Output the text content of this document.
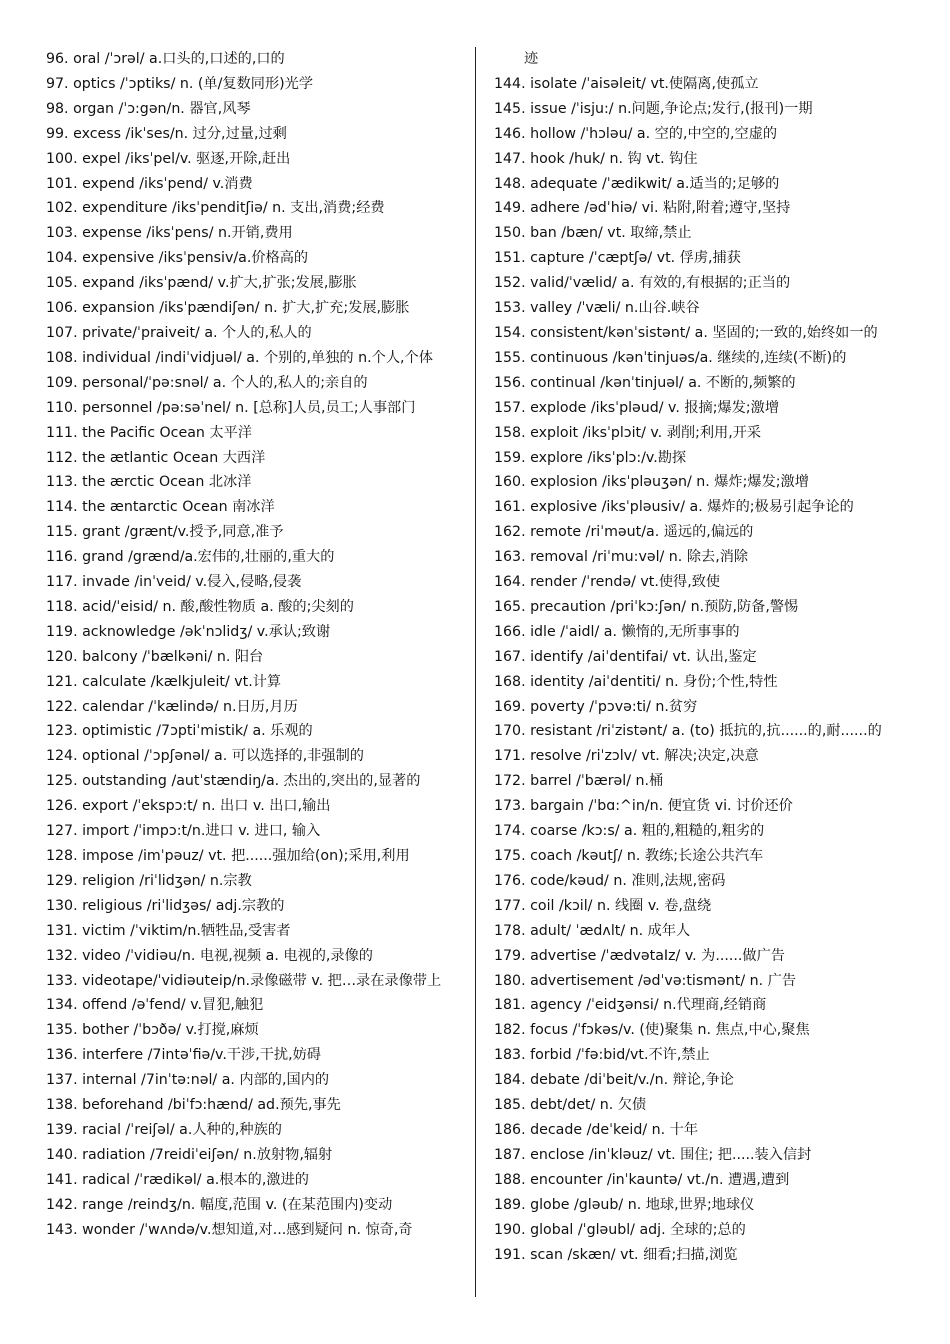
96. oral /ˈɔrəl/ a.口头的,口述的,口的
97. optics /ˈɔptiks/ n. (单/复数同形)光学
98. organ /ˈɔ:gən/n. 器官,风琴
99. excess /ikˈses/n. 过分,过量,过剩
100. expel /iksˈpel/v. 驱逐,开除,赶出
101. expend /iksˈpend/ v.消费
102. expenditure /iksˈpenditʃiə/ n. 支出,消费;经费
103. expense /iksˈpens/ n.开销,费用
104. expensive /iksˈpensiv/a.价格高的
105. expand /iksˈpænd/ v.扩大,扩张;发展,膨胀
106. expansion /iksˈpændiʃən/ n. 扩大,扩充;发展,膨胀
107. private/ˈpraiveit/ a. 个人的,私人的
108. individual /indiˈvidjuəl/ a. 个别的,单独的 n.个人,个体
109. personal/ˈpə:snəl/ a. 个人的,私人的;亲自的
110. personnel /pə:səˈnel/ n. [总称]人员,员工;人事部门
111. the Pacific Ocean 太平洋
112. the ætlantic Ocean 大西洋
113. the ærctic Ocean 北冰洋
114. the æntarctic Ocean 南冰洋
115. grant /grænt/v.授予,同意,准予
116. grand /grænd/a.宏伟的,壮丽的,重大的
117. invade /inˈveid/ v.侵入,侵略,侵袭
118. acid/ˈeisid/ n. 酸,酸性物质 a. 酸的;尖刻的
119. acknowledge /əkˈnɔlidʒ/ v.承认;致谢
120. balcony /ˈbælkəni/ n. 阳台
121. calculate /kælkjuleit/ vt.计算
122. calendar /ˈkælində/ n.日历,月历
123. optimistic /7ɔptiˈmistik/ a. 乐观的
124. optional /ˈɔpʃənəl/ a. 可以选择的,非强制的
125. outstanding /autˈstændiŋ/a. 杰出的,突出的,显著的
126. export /ˈekspɔ:t/ n. 出口 v. 出口,输出
127. import /ˈimpɔ:t/n.进口 v. 进口, 输入
128. impose /imˈpəuz/ vt. 把......强加给(on);采用,利用
129. religion /riˈlidʒən/ n.宗教
130. religious /riˈlidʒəs/ adj.宗教的
131. victim /ˈviktim/n.牺牲品,受害者
132. video /ˈvidiəu/n. 电视,视频 a. 电视的,录像的
133. videotape/ˈvidiəuteip/n.录像磁带 v. 把…录在录像带上
134. offend /əˈfend/ v.冒犯,触犯
135. bother /ˈbɔðə/ v.打搅,麻烦
136. interfere /7intəˈfiə/v.干涉,干扰,妨碍
137. internal /7inˈtə:nəl/ a. 内部的,国内的
138. beforehand /biˈfɔ:hænd/ ad.预先,事先
139. racial /ˈreiʃəl/ a.人种的,种族的
140. radiation /7reidiˈeiʃən/ n.放射物,辐射
141. radical /ˈrædikəl/ a.根本的,激进的
142. range /reindʒ/n. 幅度,范围 v. (在某范围内)变动
143. wonder /ˈwʌndə/v.想知道,对...感到疑问 n. 惊奇,奇
迹
144. isolate /ˈaisəleit/ vt.使隔离,使孤立
145. issue /ˈisju:/ n.问题,争论点;发行,(报刊)一期
146. hollow /ˈhɔləu/ a. 空的,中空的,空虚的
147. hook /huk/ n. 钩 vt. 钩住
148. adequate /ˈædikwit/ a.适当的;足够的
149. adhere /ədˈhiə/ vi. 粘附,附着;遵守,坚持
150. ban /bæn/ vt. 取缔,禁止
151. capture /ˈcæptʃə/ vt. 俘虏,捕获
152. valid/ˈvælid/ a. 有效的,有根据的;正当的
153. valley /ˈvæli/ n.山谷.峡谷
154. consistent/kənˈsistənt/ a. 坚固的;一致的,始终如一的
155. continuous /kənˈtinjuəs/a. 继续的,连续(不断)的
156. continual /kənˈtinjuəl/ a. 不断的,频繁的
157. explode /iksˈpləud/ v. 报摘;爆发;激增
158. exploit /iksˈplɔit/ v. 剥削;利用,开采
159. explore /iksˈplɔ:/v.勘探
160. explosion /iksˈpləuʒən/ n. 爆炸;爆发;激增
161. explosive /iksˈpləusiv/ a. 爆炸的;极易引起争论的
162. remote /riˈməut/a. 遥远的,偏远的
163. removal /riˈmu:vəl/ n. 除去,消除
164. render /ˈrendə/ vt.使得,致使
165. precaution /priˈkɔ:ʃən/ n.预防,防备,警惕
166. idle /ˈaidl/ a. 懒惰的,无所事事的
167. identify /aiˈdentifai/ vt. 认出,鉴定
168. identity /aiˈdentiti/ n. 身份;个性,特性
169. poverty /ˈpɔvə:ti/ n.贫穷
170. resistant /riˈzistənt/ a. (to) 抵抗的,抗......的,耐......的
171. resolve /riˈzɔlv/ vt. 解决;决定,决意
172. barrel /ˈbærəl/ n.桶
173. bargain /ˈbɑ:^in/n. 便宜货 vi. 讨价还价
174. coarse /kɔ:s/ a. 粗的,粗糙的,粗劣的
175. coach /kəutʃ/ n. 教练;长途公共汽车
176. code/kəud/ n. 准则,法规,密码
177. coil /kɔil/ n. 线圈 v. 卷,盘绕
178. adult/ ˈædʌlt/ n. 成年人
179. advertise /ˈædvətaIz/ v. 为......做广告
180. advertisement /ədˈvə:tismənt/ n. 广告
181. agency /ˈeidʒənsi/ n.代理商,经销商
182. focus /ˈfɔkəs/v. (使)聚集 n. 焦点,中心,聚焦
183. forbid /ˈfə:bid/vt.不许,禁止
184. debate /diˈbeit/v./n. 辩论,争论
185. debt/det/ n. 欠债
186. decade /deˈkeid/ n. 十年
187. enclose /inˈkləuz/ vt. 围住; 把.....装入信封
188. encounter /inˈkauntə/ vt./n. 遭遇,遭到
189. globe /gləub/ n. 地球,世界;地球仪
190. global /ˈgləubl/ adj. 全球的;总的
191. scan /skæn/ vt. 细看;扫描,浏览
